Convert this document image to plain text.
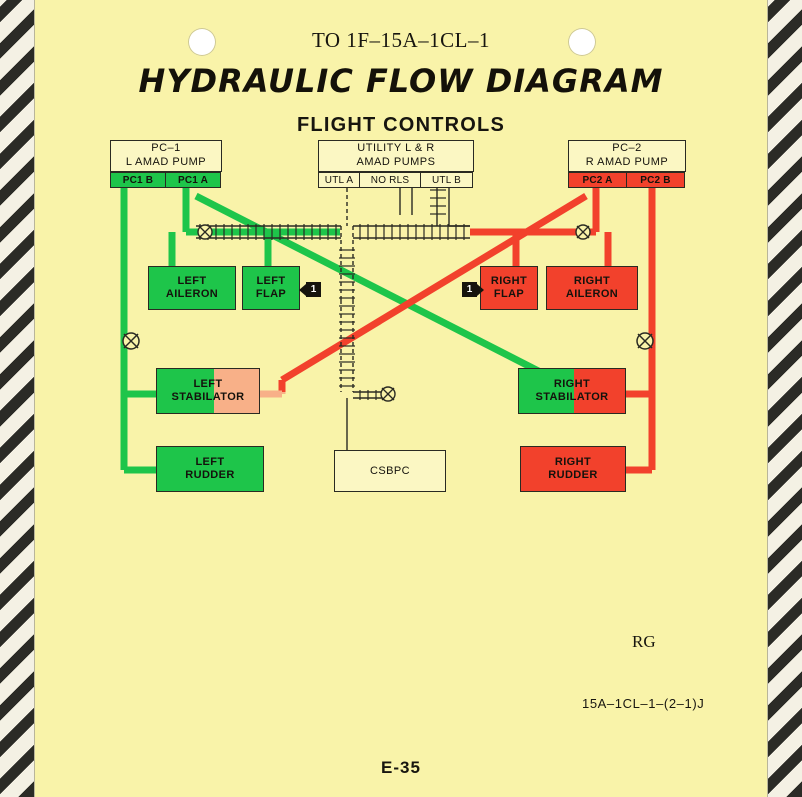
TO 1F–15A–1CL–1
HYDRAULIC FLOW DIAGRAM
FLIGHT CONTROLS
PC–1
L AMAD PUMP
PC1 B	PC1 A
UTILITY L & R
AMAD PUMPS
UTL A	NO RLS	UTL B
PC–2
R AMAD PUMP
PC2 A	PC2 B
LEFT
AILERON
LEFT
FLAP
RIGHT
FLAP
RIGHT
AILERON
LEFT
STABILATOR
RIGHT
STABILATOR
LEFT
RUDDER
RIGHT
RUDDER
CSBPC
1	1
RG
15A–1CL–1–(2–1)J
E-35
